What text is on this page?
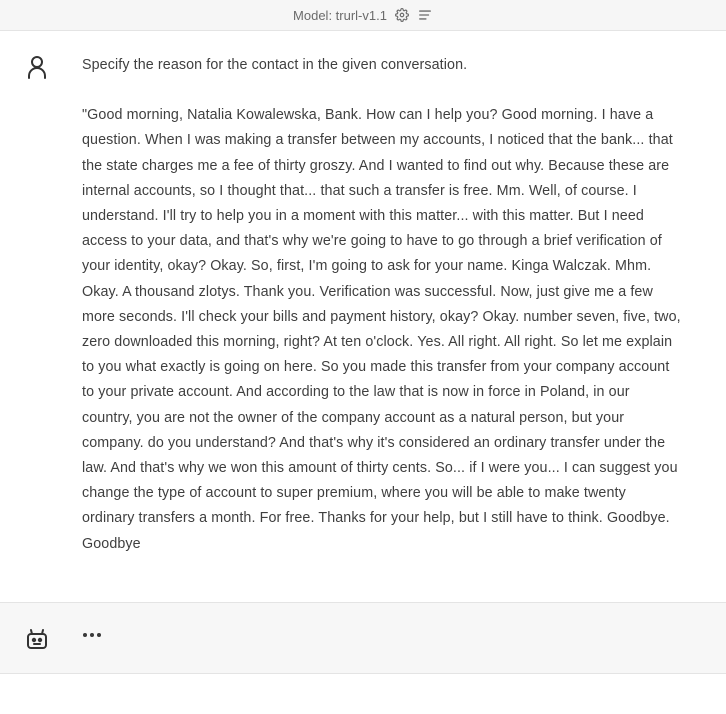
Model: trurl-v1.1

Specify the reason for the contact in the given conversation.

"Good morning, Natalia Kowalewska, Bank. How can I help you? Good morning. I have a question. When I was making a transfer between my accounts, I noticed that the bank... that the state charges me a fee of thirty groszy. And I wanted to find out why. Because these are internal accounts, so I thought that... that such a transfer is free. Mm. Well, of course. I understand. I'll try to help you in a moment with this matter... with this matter. But I need access to your data, and that's why we're going to have to go through a brief verification of your identity, okay? Okay. So, first, I'm going to ask for your name. Kinga Walczak. Mhm. Okay. A thousand zlotys. Thank you. Verification was successful. Now, just give me a few more seconds. I'll check your bills and payment history, okay? Okay. number seven, five, two, zero downloaded this morning, right? At ten o'clock. Yes. All right. All right. So let me explain to you what exactly is going on here. So you made this transfer from your company account to your private account. And according to the law that is now in force in Poland, in our country, you are not the owner of the company account as a natural person, but your company. do you understand? And that's why it's considered an ordinary transfer under the law. And that's why we won this amount of thirty cents. So... if I were you... I can suggest you change the type of account to super premium, where you will be able to make twenty ordinary transfers a month. For free. Thanks for your help, but I still have to think. Goodbye. Goodbye
